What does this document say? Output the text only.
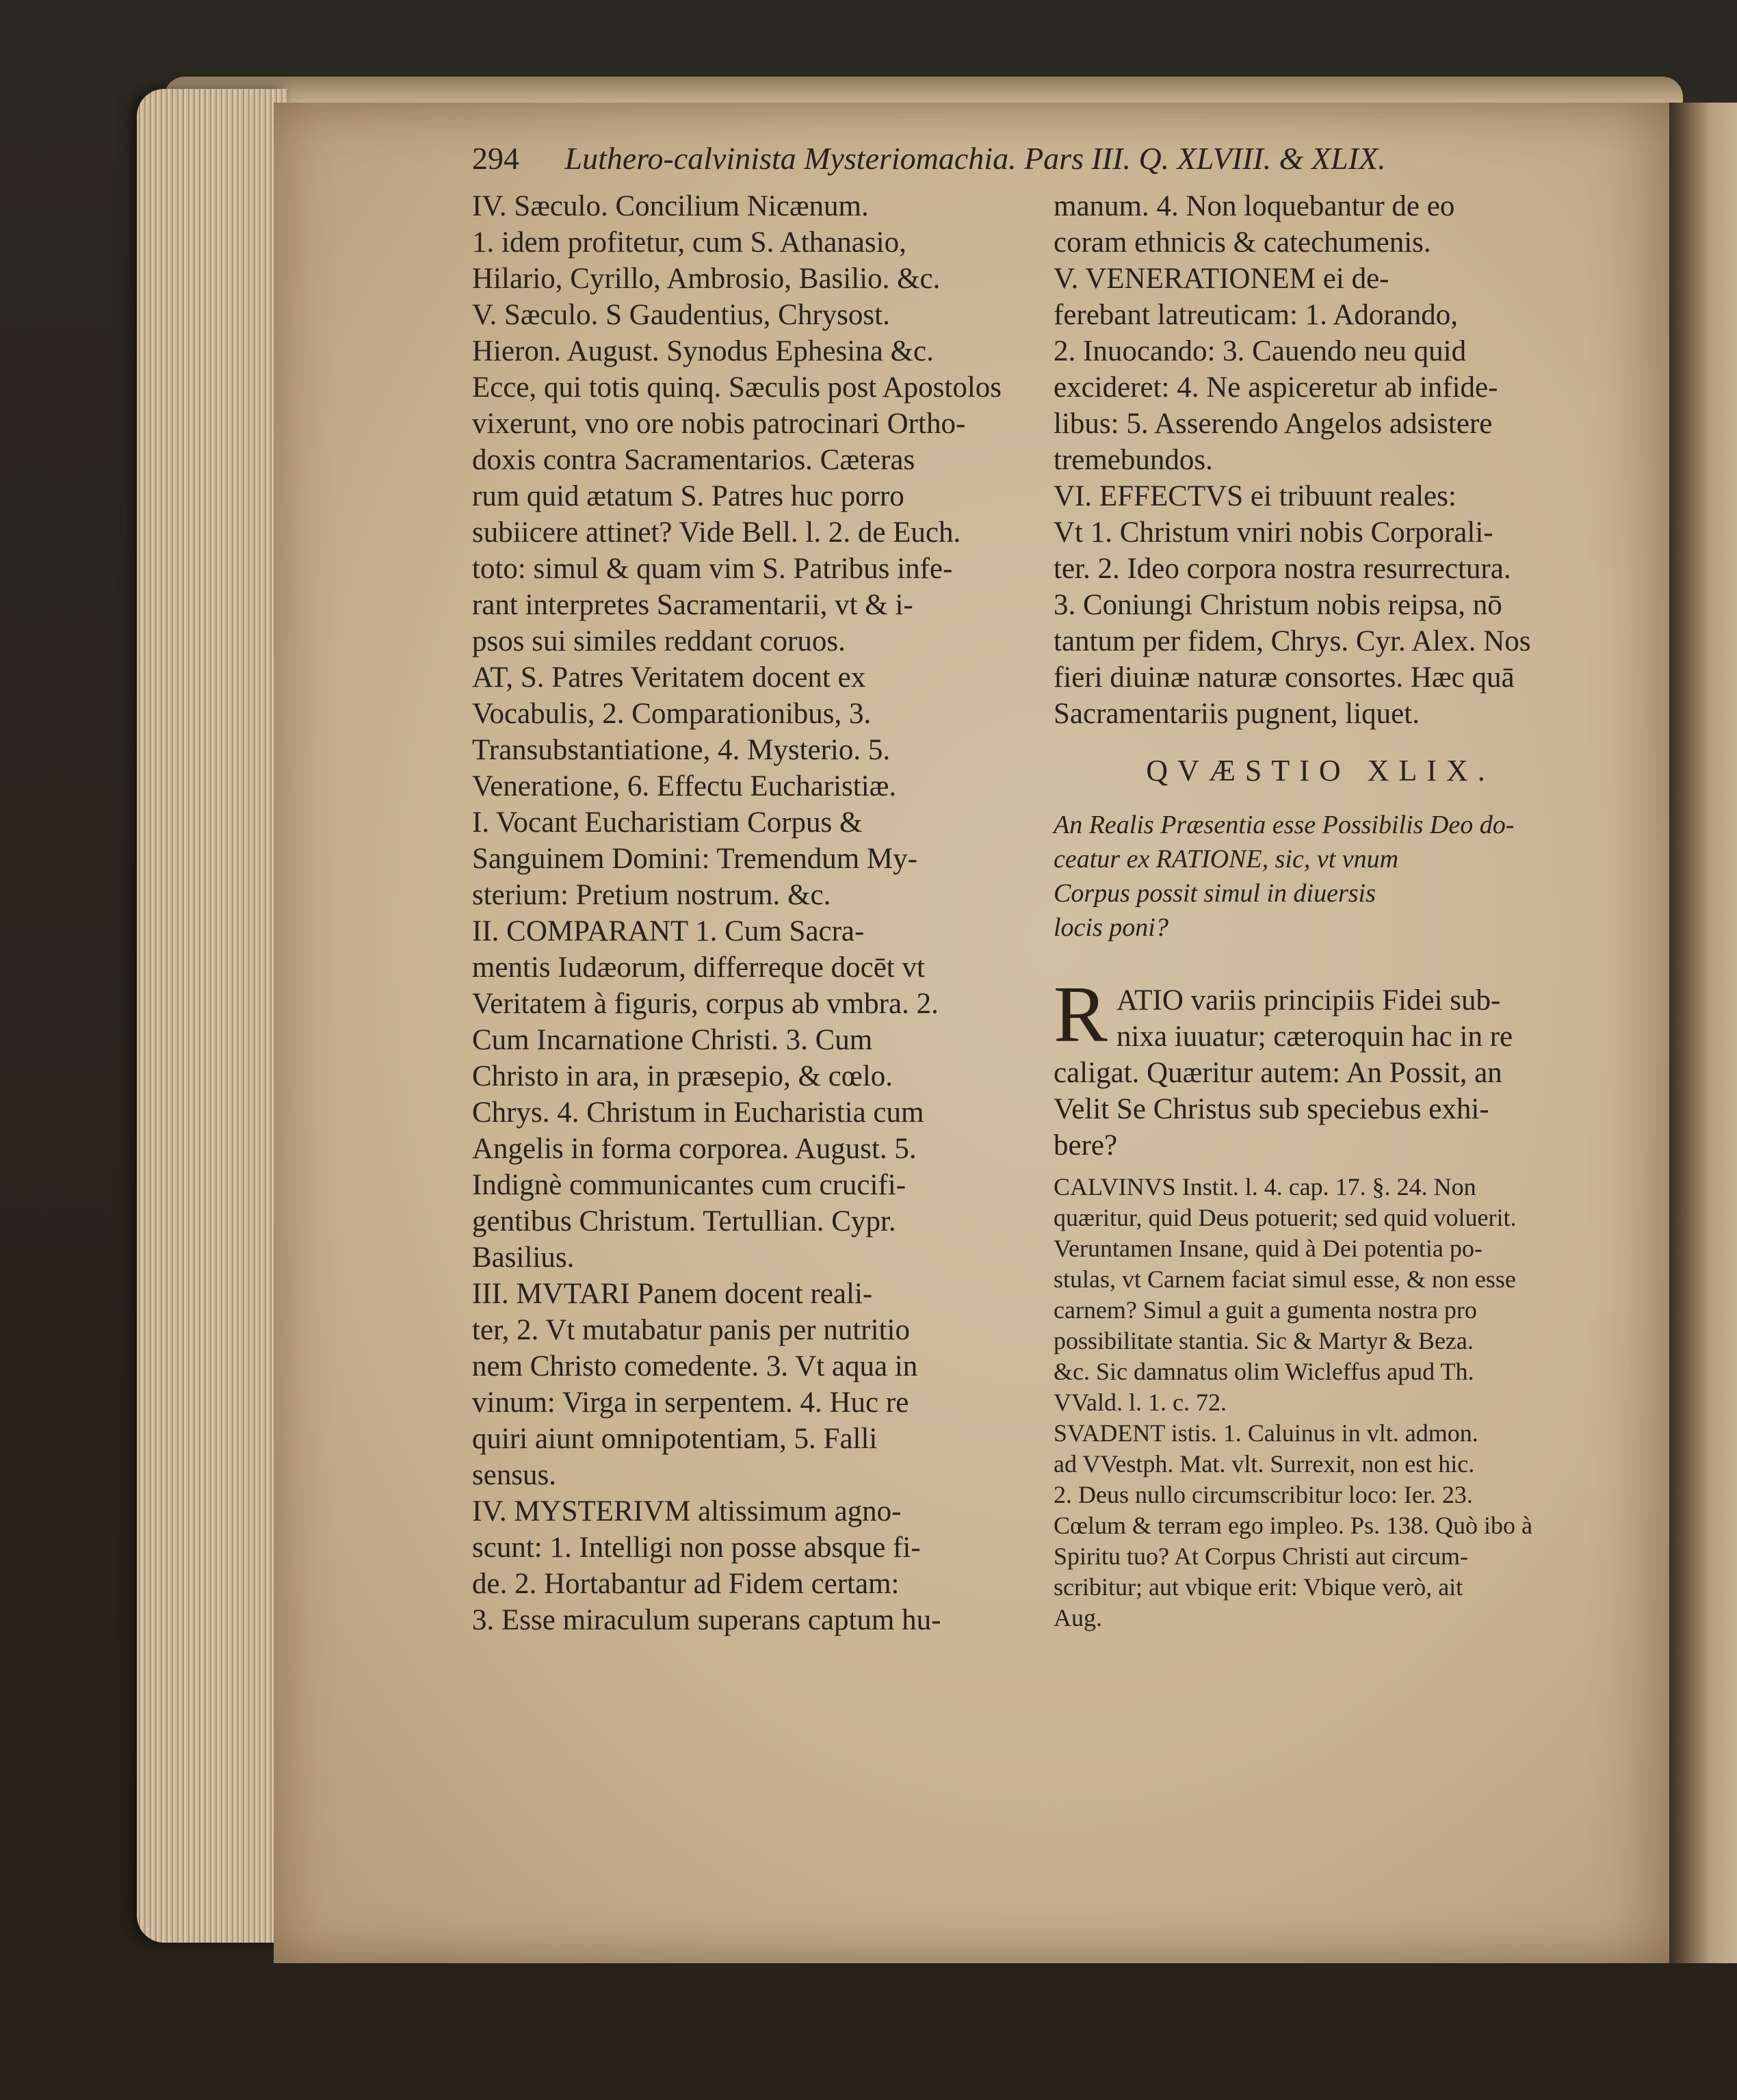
294 Luthero-calvinista Mysteriomachia. Pars III. Q. XLVIII. & XLIX.
IV. Sæculo. Concilium Nicænum.
1. idem profitetur, cum S. Athanasio,
Hilario, Cyrillo, Ambrosio, Basilio. &c.
V. Sæculo. S Gaudentius, Chrysost.
Hieron. August. Synodus Ephesina &c.
Ecce, qui totis quinq. Sæculis post Apostolos
vixerunt, vno ore nobis patrocinari Ortho-
doxis contra Sacramentarios. Cæteras
rum quid ætatum S. Patres huc porro
subiicere attinet? Vide Bell. l. 2. de Euch.
toto: simul & quam vim S. Patribus infe-
rant interpretes Sacramentarii, vt & i-
psos sui similes reddant coruos.
AT, S. Patres Veritatem docent ex
Vocabulis, 2. Comparationibus, 3.
Transubstantiatione, 4. Mysterio. 5.
Veneratione, 6. Effectu Eucharistiæ.
I. Vocant Eucharistiam Corpus &
Sanguinem Domini: Tremendum My-
sterium: Pretium nostrum. &c.
II. COMPARANT 1. Cum Sacra-
mentis Iudæorum, differreque docēt vt
Veritatem à figuris, corpus ab vmbra. 2.
Cum Incarnatione Christi. 3. Cum
Christo in ara, in præsepio, & cœlo.
Chrys. 4. Christum in Eucharistia cum
Angelis in forma corporea. August. 5.
Indignè communicantes cum crucifi-
gentibus Christum. Tertullian. Cypr.
Basilius.
III. MVTARI Panem docent reali-
ter, 2. Vt mutabatur panis per nutritio
nem Christo comedente. 3. Vt aqua in
vinum: Virga in serpentem. 4. Huc re
quiri aiunt omnipotentiam, 5. Falli
sensus.
IV. MYSTERIVM altissimum agno-
scunt: 1. Intelligi non posse absque fi-
de. 2. Hortabantur ad Fidem certam:
3. Esse miraculum superans captum hu-
manum. 4. Non loquebantur de eo
coram ethnicis & catechumenis.
V. VENERATIONEM ei de-
ferebant latreuticam: 1. Adorando,
2. Inuocando: 3. Cauendo neu quid
excideret: 4. Ne aspiceretur ab infide-
libus: 5. Asserendo Angelos adsistere
tremebundos.
VI. EFFECTVS ei tribuunt reales:
Vt 1. Christum vniri nobis Corporali-
ter. 2. Ideo corpora nostra resurrectura.
3. Coniungi Christum nobis reipsa, nō
tantum per fidem, Chrys. Cyr. Alex. Nos
fieri diuinæ naturæ consortes. Hæc quā
Sacramentariis pugnent, liquet.
QVÆSTIO XLIX.
An Realis Præsentia esse Possibilis Deo do-
ceatur ex RATIONE, sic, vt vnum
Corpus possit simul in diuersis
locis poni?
R ATIO variis principiis Fidei sub-
nixa iuuatur; cæteroquin hac in re
caligat. Quæritur autem: An Possit, an
Velit Se Christus sub speciebus exhi-
bere?
CALVINVS Instit. l. 4. cap. 17. §. 24. Non
quæritur, quid Deus potuerit; sed quid voluerit.
Veruntamen Insane, quid à Dei potentia po-
stulas, vt Carnem faciat simul esse, & non esse
carnem? Simul a guit a gumenta nostra pro
possibilitate stantia. Sic & Martyr & Beza.
&c. Sic damnatus olim Wicleffus apud Th.
VVald. l. 1. c. 72.
SVADENT istis. 1. Caluinus in vlt. admon.
ad VVestph. Mat. vlt. Surrexit, non est hic.
2. Deus nullo circumscribitur loco: Ier. 23.
Cœlum & terram ego impleo. Ps. 138. Quò ibo à
Spiritu tuo? At Corpus Christi aut circum-
scribitur; aut vbique erit: Vbique verò, ait
Aug.
